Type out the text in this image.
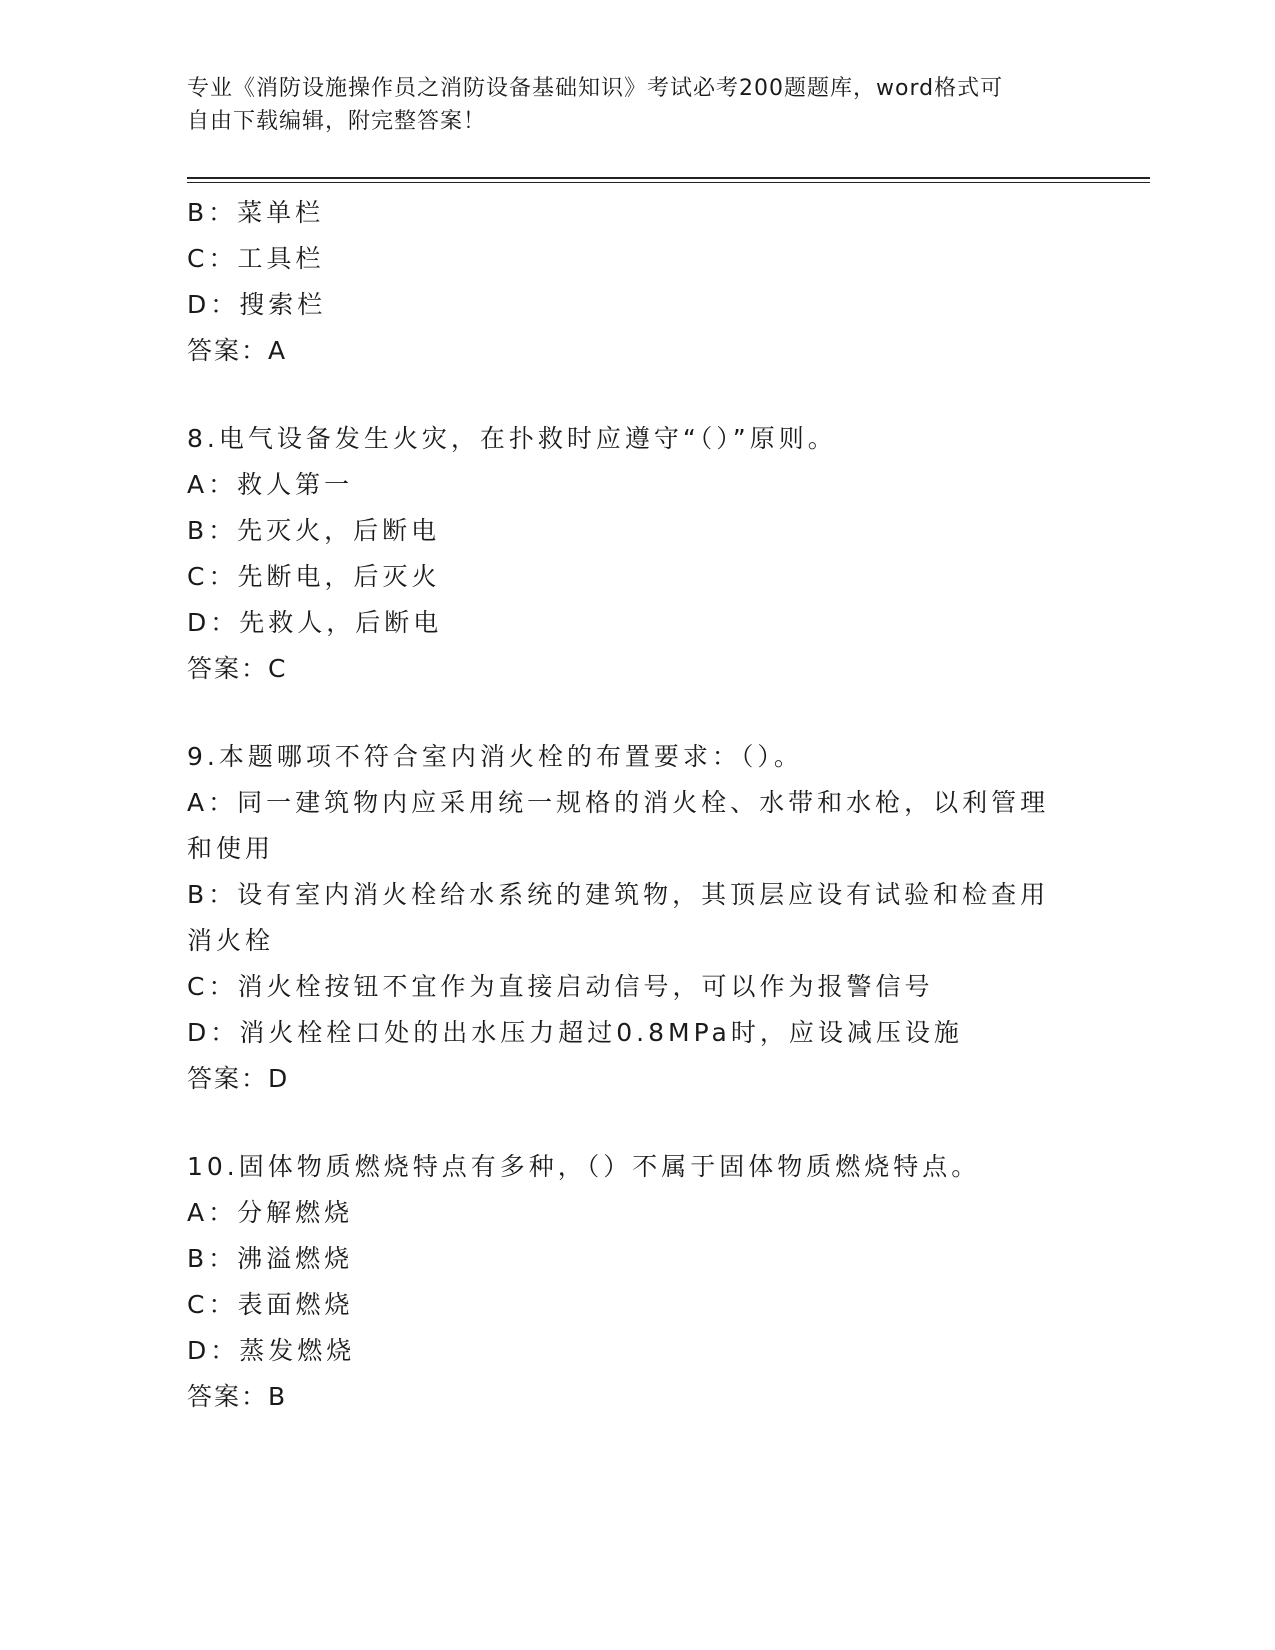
专业《消防设施操作员之消防设备基础知识》考试必考200题题库，word格式可
自由下载编辑，附完整答案！
B：菜单栏
C：工具栏
D：搜索栏
答案：A
8.电气设备发生火灾，在扑救时应遵守“（）”原则。
A：救人第一
B：先灭火，后断电
C：先断电，后灭火
D：先救人，后断电
答案：C
9.本题哪项不符合室内消火栓的布置要求：（）。
A：同一建筑物内应采用统一规格的消火栓、水带和水枪，以利管理和使用
B：设有室内消火栓给水系统的建筑物，其顶层应设有试验和检查用消火栓
C：消火栓按钮不宜作为直接启动信号，可以作为报警信号
D：消火栓栓口处的出水压力超过0.8MPa时，应设减压设施
答案：D
10.固体物质燃烧特点有多种，（）不属于固体物质燃烧特点。
A：分解燃烧
B：沸溢燃烧
C：表面燃烧
D：蒸发燃烧
答案：B
